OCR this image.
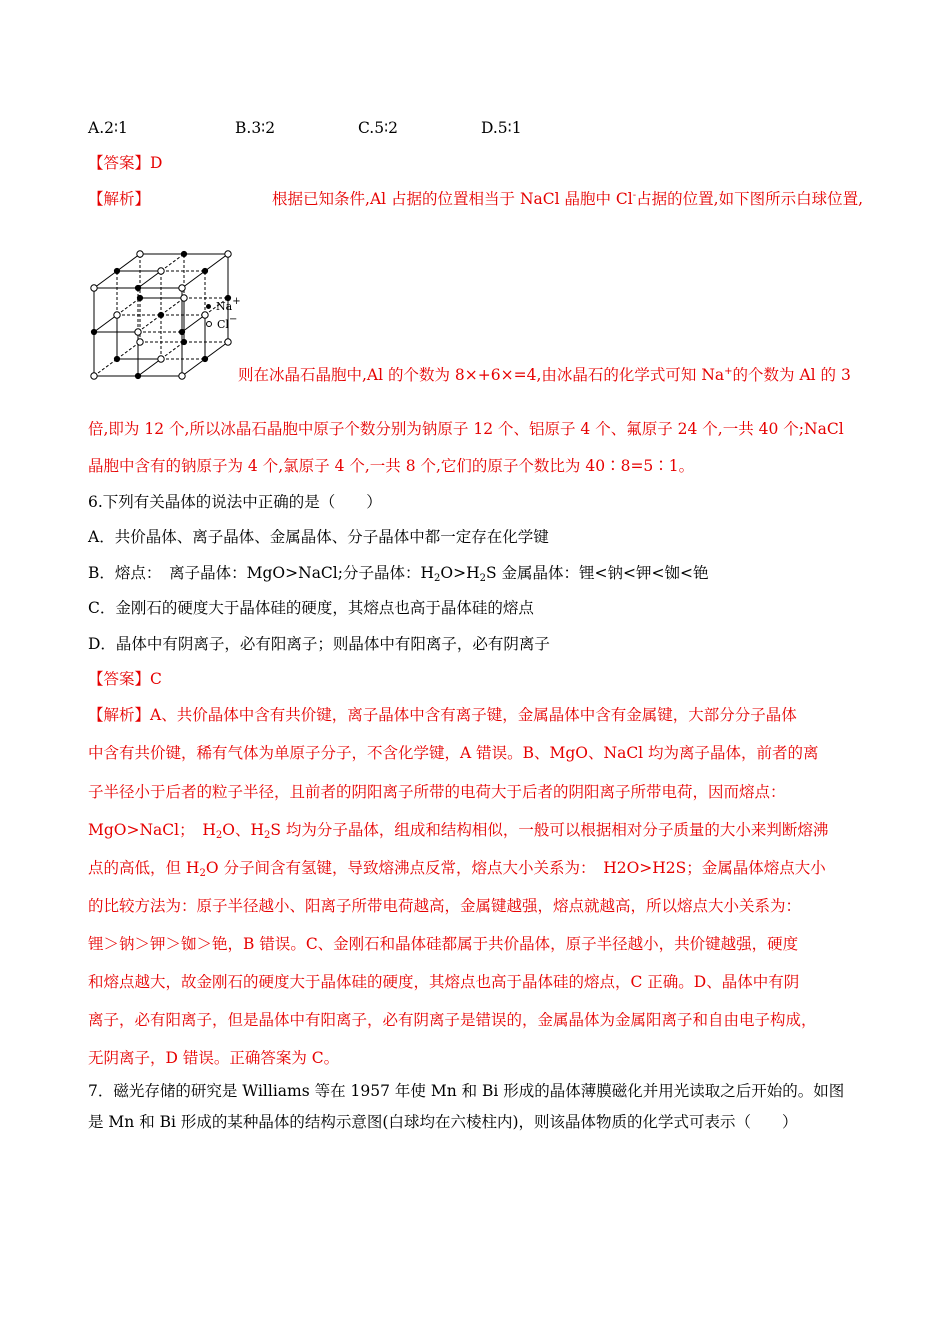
A.2∶1	B.3∶2	C.5∶2	D.5∶1
【答案】D
【解析】	根据已知条件,Al 占据的位置相当于 NaCl 晶胞中 Cl-占据的位置,如下图所示白球位置,
Na+
Cl−
则在冰晶石晶胞中,Al 的个数为 8×+6×=4,由冰晶石的化学式可知 Na+的个数为 Al 的 3
倍,即为 12 个,所以冰晶石晶胞中原子个数分别为钠原子 12 个、铝原子 4 个、氟原子 24 个,一共 40 个;NaCl
晶胞中含有的钠原子为 4 个,氯原子 4 个,一共 8 个,它们的原子个数比为 40∶8=5∶1。
6.下列有关晶体的说法中正确的是（　　）
A．共价晶体、离子晶体、金属晶体、分子晶体中都一定存在化学键
B．熔点：　离子晶体：MgO>NaCl;分子晶体：$H_2O>H_2S$ 金属晶体：锂<钠<钾<铷<铯
C．金刚石的硬度大于晶体硅的硬度，其熔点也高于晶体硅的熔点
D．晶体中有阴离子，必有阳离子；则晶体中有阳离子，必有阴离子
【答案】C
【解析】A、共价晶体中含有共价键，离子晶体中含有离子键，金属晶体中含有金属键，大部分分子晶体
中含有共价键，稀有气体为单原子分子，不含化学键，A 错误。B、MgO、NaCl 均为离子晶体，前者的离
子半径小于后者的粒子半径，且前者的阴阳离子所带的电荷大于后者的阴阳离子所带电荷，因而熔点：
MgO>NaCl；　$H_2O$、$H_2S$ 均为分子晶体，组成和结构相似，一般可以根据相对分子质量的大小来判断熔沸
点的高低，但 $H_2O$ 分子间含有氢键，导致熔沸点反常，熔点大小关系为：　H2O>H2S；金属晶体熔点大小
的比较方法为：原子半径越小、阳离子所带电荷越高，金属键越强，熔点就越高，所以熔点大小关系为：
锂＞钠＞钾＞铷＞铯，B 错误。C、金刚石和晶体硅都属于共价晶体，原子半径越小，共价键越强，硬度
和熔点越大，故金刚石的硬度大于晶体硅的硬度，其熔点也高于晶体硅的熔点，C 正确。D、晶体中有阴
离子，必有阳离子，但是晶体中有阳离子，必有阴离子是错误的，金属晶体为金属阳离子和自由电子构成，
无阴离子，D 错误。正确答案为 C。
7．磁光存储的研究是 Williams 等在 1957 年使 Mn 和 Bi 形成的晶体薄膜磁化并用光读取之后开始的。如图
是 Mn 和 Bi 形成的某种晶体的结构示意图(白球均在六棱柱内)，则该晶体物质的化学式可表示（　　）
